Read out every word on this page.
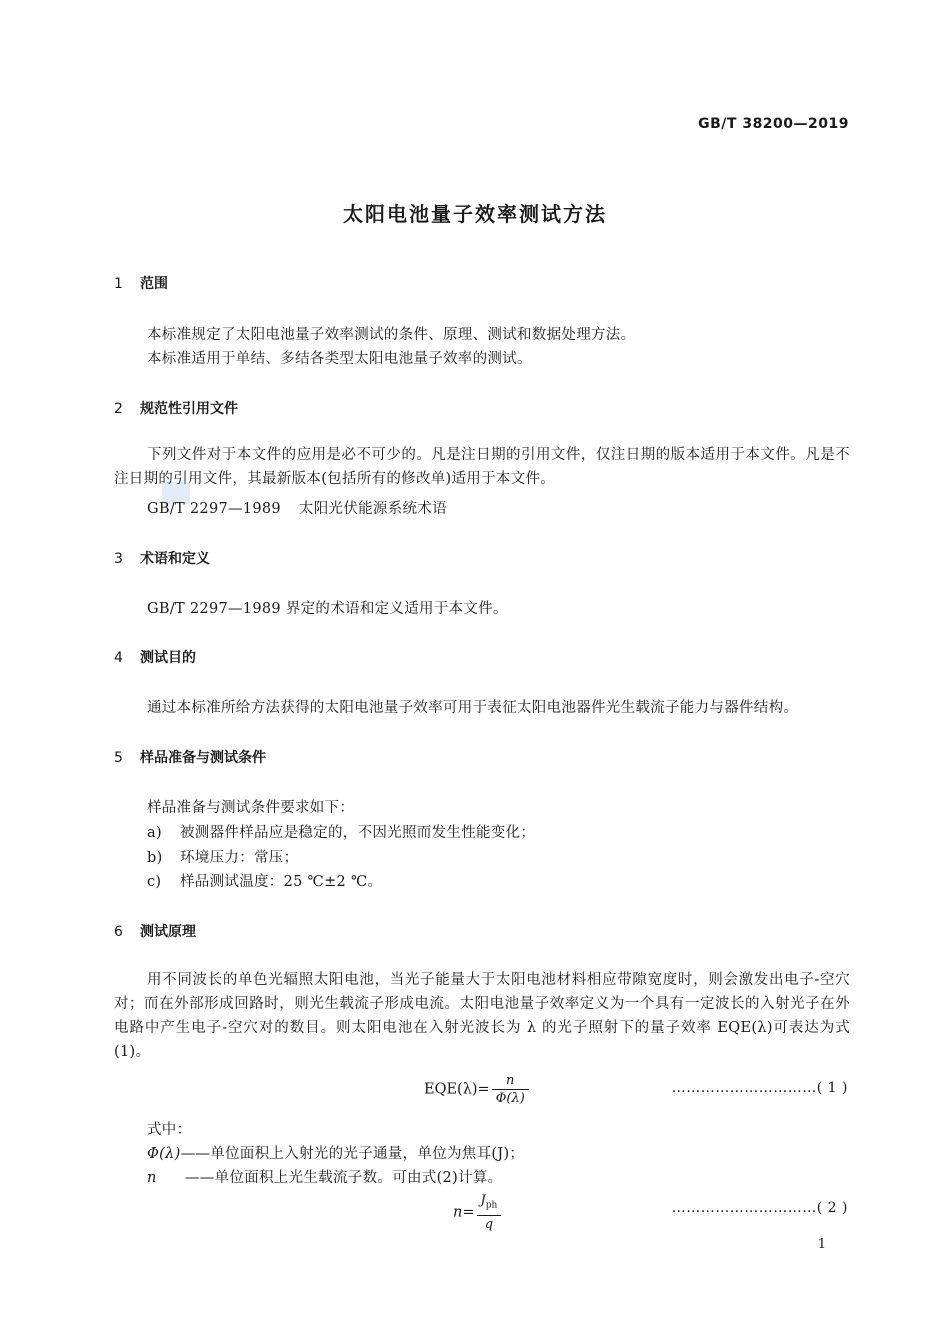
GB/T 38200—2019
太阳电池量子效率测试方法
1 范围
本标准规定了太阳电池量子效率测试的条件、原理、测试和数据处理方法。
本标准适用于单结、多结各类型太阳电池量子效率的测试。
2 规范性引用文件
下列文件对于本文件的应用是必不可少的。凡是注日期的引用文件，仅注日期的版本适用于本文件。凡是不注日期的引用文件，其最新版本(包括所有的修改单)适用于本文件。
GB/T 2297—1989 太阳光伏能源系统术语
3 术语和定义
GB/T 2297—1989 界定的术语和定义适用于本文件。
4 测试目的
通过本标准所给方法获得的太阳电池量子效率可用于表征太阳电池器件光生载流子能力与器件结构。
5 样品准备与测试条件
样品准备与测试条件要求如下：
a) 被测器件样品应是稳定的，不因光照而发生性能变化；
b) 环境压力：常压；
c) 样品测试温度：25 ℃±2 ℃。
6 测试原理
用不同波长的单色光辐照太阳电池，当光子能量大于太阳电池材料相应带隙宽度时，则会激发出电子-空穴对；而在外部形成回路时，则光生载流子形成电流。太阳电池量子效率定义为一个具有一定波长的入射光子在外电路中产生电子-空穴对的数目。则太阳电池在入射光波长为 λ 的光子照射下的量子效率 EQE(λ)可表达为式(1)。
$EQE(\lambda)= \frac{n}{\Phi(\lambda)}$	…………………………( 1 )
式中：
Φ(λ)——单位面积上入射光的光子通量，单位为焦耳(J)；
n ——单位面积上光生载流子数。可由式(2)计算。
$n= \frac{J_{ph}}{q}$	…………………………( 2 )
1
